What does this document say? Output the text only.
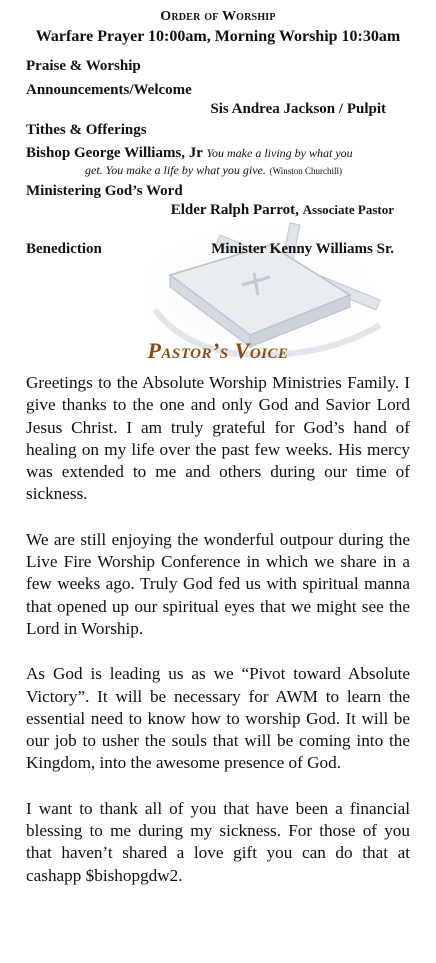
Order of Worship
Warfare Prayer 10:00am, Morning Worship 10:30am
Praise & Worship
Announcements/Welcome
Sis Andrea Jackson / Pulpit
Tithes & Offerings
Bishop George Williams, Jr You make a living by what you
get. You make a life by what you give. (Winston Churchill)
Ministering God’s Word
Elder Ralph Parrot, Associate Pastor
Benediction	Minister Kenny Williams Sr.
Pastor’s Voice

Greetings to the Absolute Worship Ministries Family. I give thanks to the one and only God and Savior Lord Jesus Christ. I am truly grateful for God’s hand of healing on my life over the past few weeks. His mercy was extended to me and others during our time of sickness.

We are still enjoying the wonderful outpour during the Live Fire Worship Conference in which we share in a few weeks ago. Truly God fed us with spiritual manna that opened up our spiritual eyes that we might see the Lord in Worship.

As God is leading us as we “Pivot toward Absolute Victory”. It will be necessary for AWM to learn the essential need to know how to worship God. It will be our job to usher the souls that will be coming into the Kingdom, into the awesome presence of God.

I want to thank all of you that have been a financial blessing to me during my sickness. For those of you that haven’t shared a love gift you can do that at cashapp $bishopgdw2.
